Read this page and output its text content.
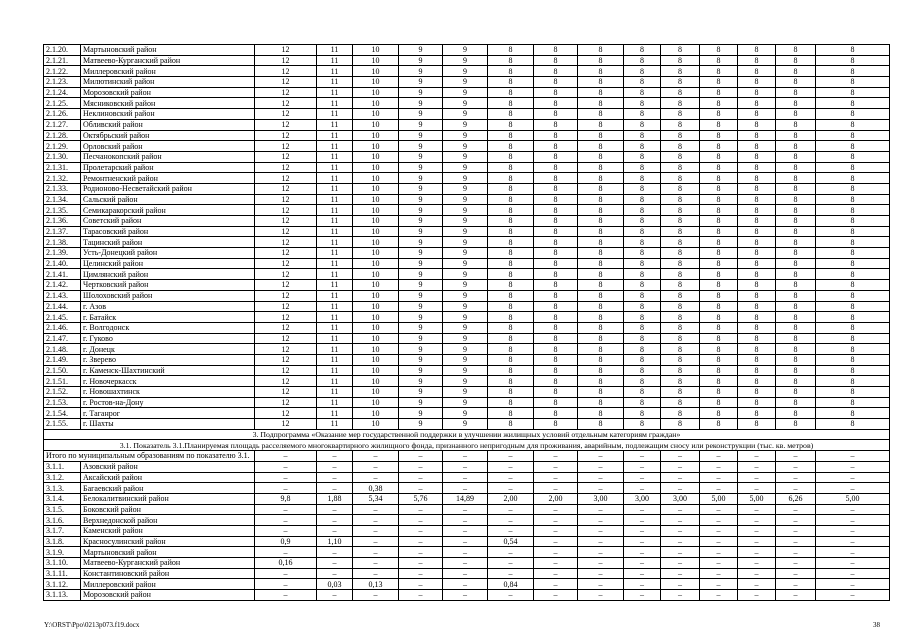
2.1.20.	Мартыновский район	12	11	10	9	9	8	8	8	8	8	8	8	8	8
2.1.21.	Матвеево-Курганский район	12	11	10	9	9	8	8	8	8	8	8	8	8	8
2.1.22.	Миллеровский район	12	11	10	9	9	8	8	8	8	8	8	8	8	8
2.1.23.	Милютинский район	12	11	10	9	9	8	8	8	8	8	8	8	8	8
2.1.24.	Морозовский район	12	11	10	9	9	8	8	8	8	8	8	8	8	8
2.1.25.	Мясниковский район	12	11	10	9	9	8	8	8	8	8	8	8	8	8
2.1.26.	Неклиновский район	12	11	10	9	9	8	8	8	8	8	8	8	8	8
2.1.27.	Обливский район	12	11	10	9	9	8	8	8	8	8	8	8	8	8
2.1.28.	Октябрьский район	12	11	10	9	9	8	8	8	8	8	8	8	8	8
2.1.29.	Орловский район	12	11	10	9	9	8	8	8	8	8	8	8	8	8
2.1.30.	Песчанокопский район	12	11	10	9	9	8	8	8	8	8	8	8	8	8
2.1.31.	Пролетарский район	12	11	10	9	9	8	8	8	8	8	8	8	8	8
2.1.32.	Ремонтненский район	12	11	10	9	9	8	8	8	8	8	8	8	8	8
2.1.33.	Родионово-Несветайский район	12	11	10	9	9	8	8	8	8	8	8	8	8	8
2.1.34.	Сальский район	12	11	10	9	9	8	8	8	8	8	8	8	8	8
2.1.35.	Семикаракорский район	12	11	10	9	9	8	8	8	8	8	8	8	8	8
2.1.36.	Советский район	12	11	10	9	9	8	8	8	8	8	8	8	8	8
2.1.37.	Тарасовский район	12	11	10	9	9	8	8	8	8	8	8	8	8	8
2.1.38.	Тацинский район	12	11	10	9	9	8	8	8	8	8	8	8	8	8
2.1.39.	Усть-Донецкий район	12	11	10	9	9	8	8	8	8	8	8	8	8	8
2.1.40.	Целинский район	12	11	10	9	9	8	8	8	8	8	8	8	8	8
2.1.41.	Цимлянский район	12	11	10	9	9	8	8	8	8	8	8	8	8	8
2.1.42.	Чертковский район	12	11	10	9	9	8	8	8	8	8	8	8	8	8
2.1.43.	Шолоховский район	12	11	10	9	9	8	8	8	8	8	8	8	8	8
2.1.44.	г. Азов	12	11	10	9	9	8	8	8	8	8	8	8	8	8
2.1.45.	г. Батайск	12	11	10	9	9	8	8	8	8	8	8	8	8	8
2.1.46.	г. Волгодонск	12	11	10	9	9	8	8	8	8	8	8	8	8	8
2.1.47.	г. Гуково	12	11	10	9	9	8	8	8	8	8	8	8	8	8
2.1.48.	г. Донецк	12	11	10	9	9	8	8	8	8	8	8	8	8	8
2.1.49.	г. Зверево	12	11	10	9	9	8	8	8	8	8	8	8	8	8
2.1.50.	г. Каменск-Шахтинский	12	11	10	9	9	8	8	8	8	8	8	8	8	8
2.1.51.	г. Новочеркасск	12	11	10	9	9	8	8	8	8	8	8	8	8	8
2.1.52.	г. Новошахтинск	12	11	10	9	9	8	8	8	8	8	8	8	8	8
2.1.53.	г. Ростов-на-Дону	12	11	10	9	9	8	8	8	8	8	8	8	8	8
2.1.54.	г. Таганрог	12	11	10	9	9	8	8	8	8	8	8	8	8	8
2.1.55.	г. Шахты	12	11	10	9	9	8	8	8	8	8	8	8	8	8
3. Подпрограмма «Оказание мер государственной поддержки в улучшении жилищных условий отдельным категориям граждан»															
3.1. Показатель 3.1.Планируемая площадь расселяемого многоквартирного жилищного фонда, признанного непригодным для проживания, аварийным, подлежащим сносу или реконструкции (тыс. кв. метров)															
Итого по муниципальным образованиям по показателю 3.1.		–	–	–	–	–	–	–	–	–	–	–	–	–	–
3.1.1.	Азовский район	–	–	–	–	–	–	–	–	–	–	–	–	–	–
3.1.2.	Аксайский район	–	–	–	–	–	–	–	–	–	–	–	–	–	–
3.1.3.	Багаевский район	–	–	0,38	–	–	–	–	–	–	–	–	–	–	–
3.1.4.	Белокалитвинский район	9,8	1,88	5,34	5,76	14,89	2,00	2,00	3,00	3,00	3,00	5,00	5,00	6,26	5,00
3.1.5.	Боковский район	–	–	–	–	–	–	–	–	–	–	–	–	–	–
3.1.6.	Верхнедонской район	–	–	–	–	–	–	–	–	–	–	–	–	–	–
3.1.7.	Каменский район	–	–	–	–	–	–	–	–	–	–	–	–	–	–
3.1.8.	Красносулинский район	0,9	1,10	–	–	–	0,54	–	–	–	–	–	–	–	–
3.1.9.	Мартыновский район	–	–	–	–	–	–	–	–	–	–	–	–	–	–
3.1.10.	Матвеево-Курганский район	0,16	–	–	–	–	–	–	–	–	–	–	–	–	–
3.1.11.	Константиновский район	–	–	–	–	–	–	–	–	–	–	–	–	–	–
3.1.12.	Миллеровский район	–	0,03	0,13	–	–	0,84	–	–	–	–	–	–	–	–
3.1.13.	Морозовский район	–	–	–	–	–	–	–	–	–	–	–	–	–	–
Y:\ORST\Ppo\0213p073.f19.docx	38
